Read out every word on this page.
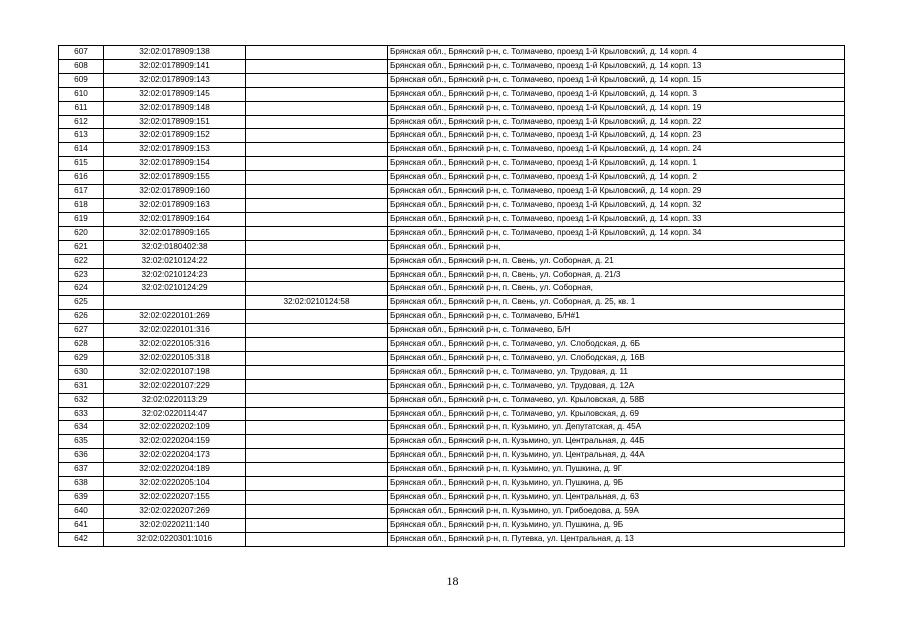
607	32:02:0178909:138		Брянская обл., Брянский р-н, с. Толмачево, проезд 1-й Крыловский, д. 14 корп. 4
608	32:02:0178909:141		Брянская обл., Брянский р-н, с. Толмачево, проезд 1-й Крыловский, д. 14 корп. 13
609	32:02:0178909:143		Брянская обл., Брянский р-н, с. Толмачево, проезд 1-й Крыловский, д. 14 корп. 15
610	32:02:0178909:145		Брянская обл., Брянский р-н, с. Толмачево, проезд 1-й Крыловский, д. 14 корп. 3
611	32:02:0178909:148		Брянская обл., Брянский р-н, с. Толмачево, проезд 1-й Крыловский, д. 14 корп. 19
612	32:02:0178909:151		Брянская обл., Брянский р-н, с. Толмачево, проезд 1-й Крыловский, д. 14 корп. 22
613	32:02:0178909:152		Брянская обл., Брянский р-н, с. Толмачево, проезд 1-й Крыловский, д. 14 корп. 23
614	32:02:0178909:153		Брянская обл., Брянский р-н, с. Толмачево, проезд 1-й Крыловский, д. 14 корп. 24
615	32:02:0178909:154		Брянская обл., Брянский р-н, с. Толмачево, проезд 1-й Крыловский, д. 14 корп. 1
616	32:02:0178909:155		Брянская обл., Брянский р-н, с. Толмачево, проезд 1-й Крыловский, д. 14 корп. 2
617	32:02:0178909:160		Брянская обл., Брянский р-н, с. Толмачево, проезд 1-й Крыловский, д. 14 корп. 29
618	32:02:0178909:163		Брянская обл., Брянский р-н, с. Толмачево, проезд 1-й Крыловский, д. 14 корп. 32
619	32:02:0178909:164		Брянская обл., Брянский р-н, с. Толмачево, проезд 1-й Крыловский, д. 14 корп. 33
620	32:02:0178909:165		Брянская обл., Брянский р-н, с. Толмачево, проезд 1-й Крыловский, д. 14 корп. 34
621	32:02:0180402:38		Брянская обл., Брянский р-н,
622	32:02:0210124:22		Брянская обл., Брянский р-н, п. Свень, ул. Соборная, д. 21
623	32:02:0210124:23		Брянская обл., Брянский р-н, п. Свень, ул. Соборная, д. 21/3
624	32:02:0210124:29		Брянская обл., Брянский р-н, п. Свень, ул. Соборная,
625		32:02:0210124:58	Брянская обл., Брянский р-н, п. Свень, ул. Соборная, д. 25, кв. 1
626	32:02:0220101:269		Брянская обл., Брянский р-н, с. Толмачево, Б/Н#1
627	32:02:0220101:316		Брянская обл., Брянский р-н, с. Толмачево, Б/Н
628	32:02:0220105:316		Брянская обл., Брянский р-н, с. Толмачево, ул. Слободская, д. 6Б
629	32:02:0220105:318		Брянская обл., Брянский р-н, с. Толмачево, ул. Слободская, д. 16В
630	32:02:0220107:198		Брянская обл., Брянский р-н, с. Толмачево, ул. Трудовая, д. 11
631	32:02:0220107:229		Брянская обл., Брянский р-н, с. Толмачево, ул. Трудовая, д. 12А
632	32:02:0220113:29		Брянская обл., Брянский р-н, с. Толмачево, ул. Крыловская, д. 58В
633	32:02:0220114:47		Брянская обл., Брянский р-н, с. Толмачево, ул. Крыловская, д. 69
634	32:02:0220202:109		Брянская обл., Брянский р-н, п. Кузьмино, ул. Депутатская, д. 45А
635	32:02:0220204:159		Брянская обл., Брянский р-н, п. Кузьмино, ул. Центральная, д. 44Б
636	32:02:0220204:173		Брянская обл., Брянский р-н, п. Кузьмино, ул. Центральная, д. 44А
637	32:02:0220204:189		Брянская обл., Брянский р-н, п. Кузьмино, ул. Пушкина, д. 9Г
638	32:02:0220205:104		Брянская обл., Брянский р-н, п. Кузьмино, ул. Пушкина, д. 9Б
639	32:02:0220207:155		Брянская обл., Брянский р-н, п. Кузьмино, ул. Центральная, д. 63
640	32:02:0220207:269		Брянская обл., Брянский р-н, п. Кузьмино, ул. Грибоедова, д. 59А
641	32:02:0220211:140		Брянская обл., Брянский р-н, п. Кузьмино, ул. Пушкина, д. 9Б
642	32:02:0220301:1016		Брянская обл., Брянский р-н, п. Путевка, ул. Центральная, д. 13
18
